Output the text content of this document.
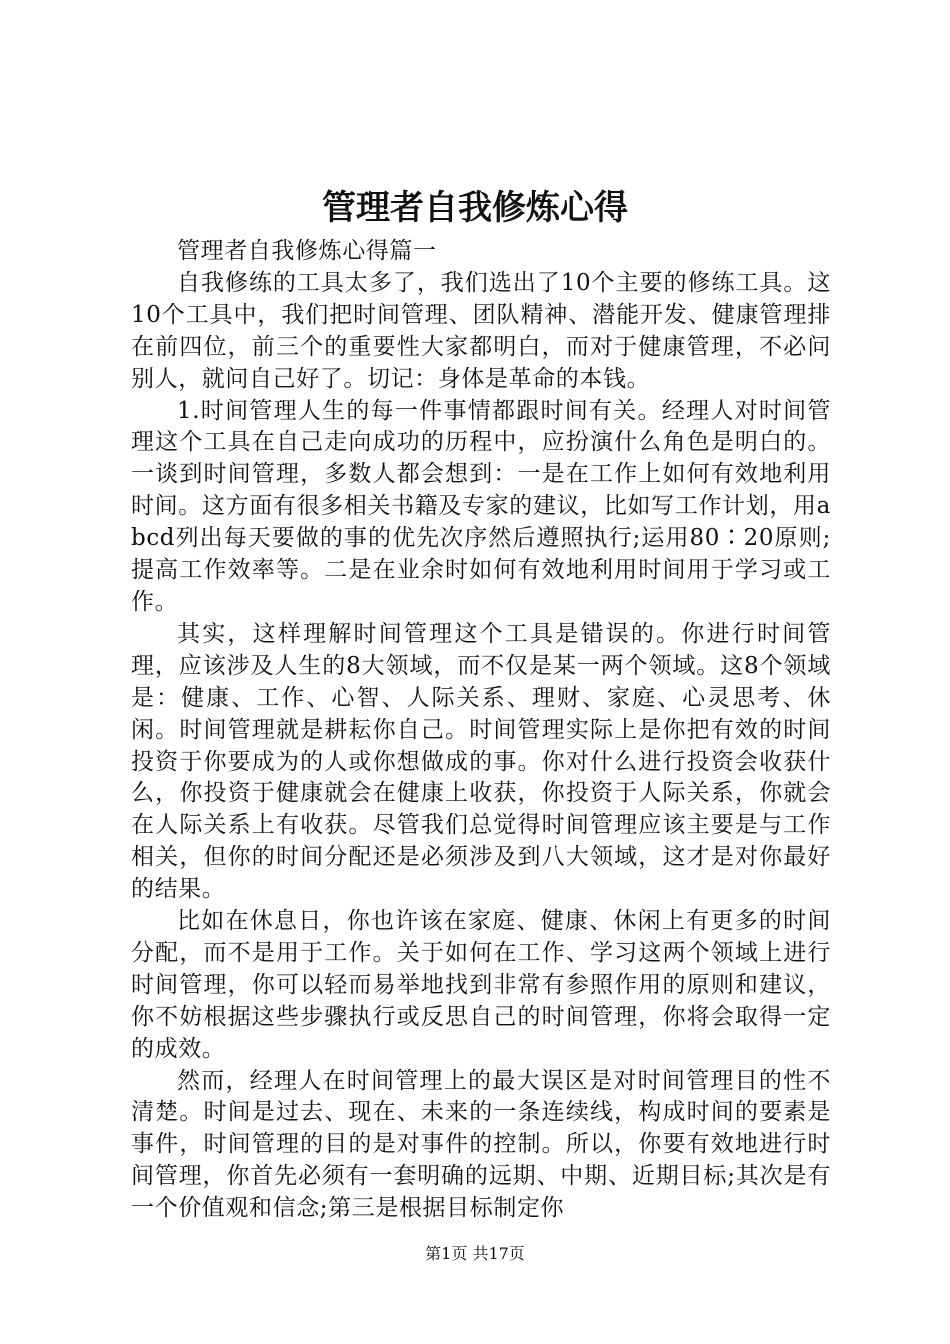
管理者自我修炼心得

管理者自我修炼心得篇一

自我修练的工具太多了，我们选出了10个主要的修练工具。这10个工具中，我们把时间管理、团队精神、潜能开发、健康管理排在前四位，前三个的重要性大家都明白，而对于健康管理，不必问别人，就问自己好了。切记：身体是革命的本钱。

1.时间管理人生的每一件事情都跟时间有关。经理人对时间管理这个工具在自己走向成功的历程中，应扮演什么角色是明白的。一谈到时间管理，多数人都会想到：一是在工作上如何有效地利用时间。这方面有很多相关书籍及专家的建议，比如写工作计划，用abcd列出每天要做的事的优先次序然后遵照执行;运用80∶20原则;提高工作效率等。二是在业余时如何有效地利用时间用于学习或工作。

其实，这样理解时间管理这个工具是错误的。你进行时间管理，应该涉及人生的8大领域，而不仅是某一两个领域。这8个领域是：健康、工作、心智、人际关系、理财、家庭、心灵思考、休闲。时间管理就是耕耘你自己。时间管理实际上是你把有效的时间投资于你要成为的人或你想做成的事。你对什么进行投资会收获什么，你投资于健康就会在健康上收获，你投资于人际关系，你就会在人际关系上有收获。尽管我们总觉得时间管理应该主要是与工作相关，但你的时间分配还是必须涉及到八大领域，这才是对你最好的结果。

比如在休息日，你也许该在家庭、健康、休闲上有更多的时间分配，而不是用于工作。关于如何在工作、学习这两个领域上进行时间管理，你可以轻而易举地找到非常有参照作用的原则和建议，你不妨根据这些步骤执行或反思自己的时间管理，你将会取得一定的成效。

然而，经理人在时间管理上的最大误区是对时间管理目的性不清楚。时间是过去、现在、未来的一条连续线，构成时间的要素是事件，时间管理的目的是对事件的控制。所以，你要有效地进行时间管理，你首先必须有一套明确的远期、中期、近期目标;其次是有一个价值观和信念;第三是根据目标制定你

第1页 共17页
